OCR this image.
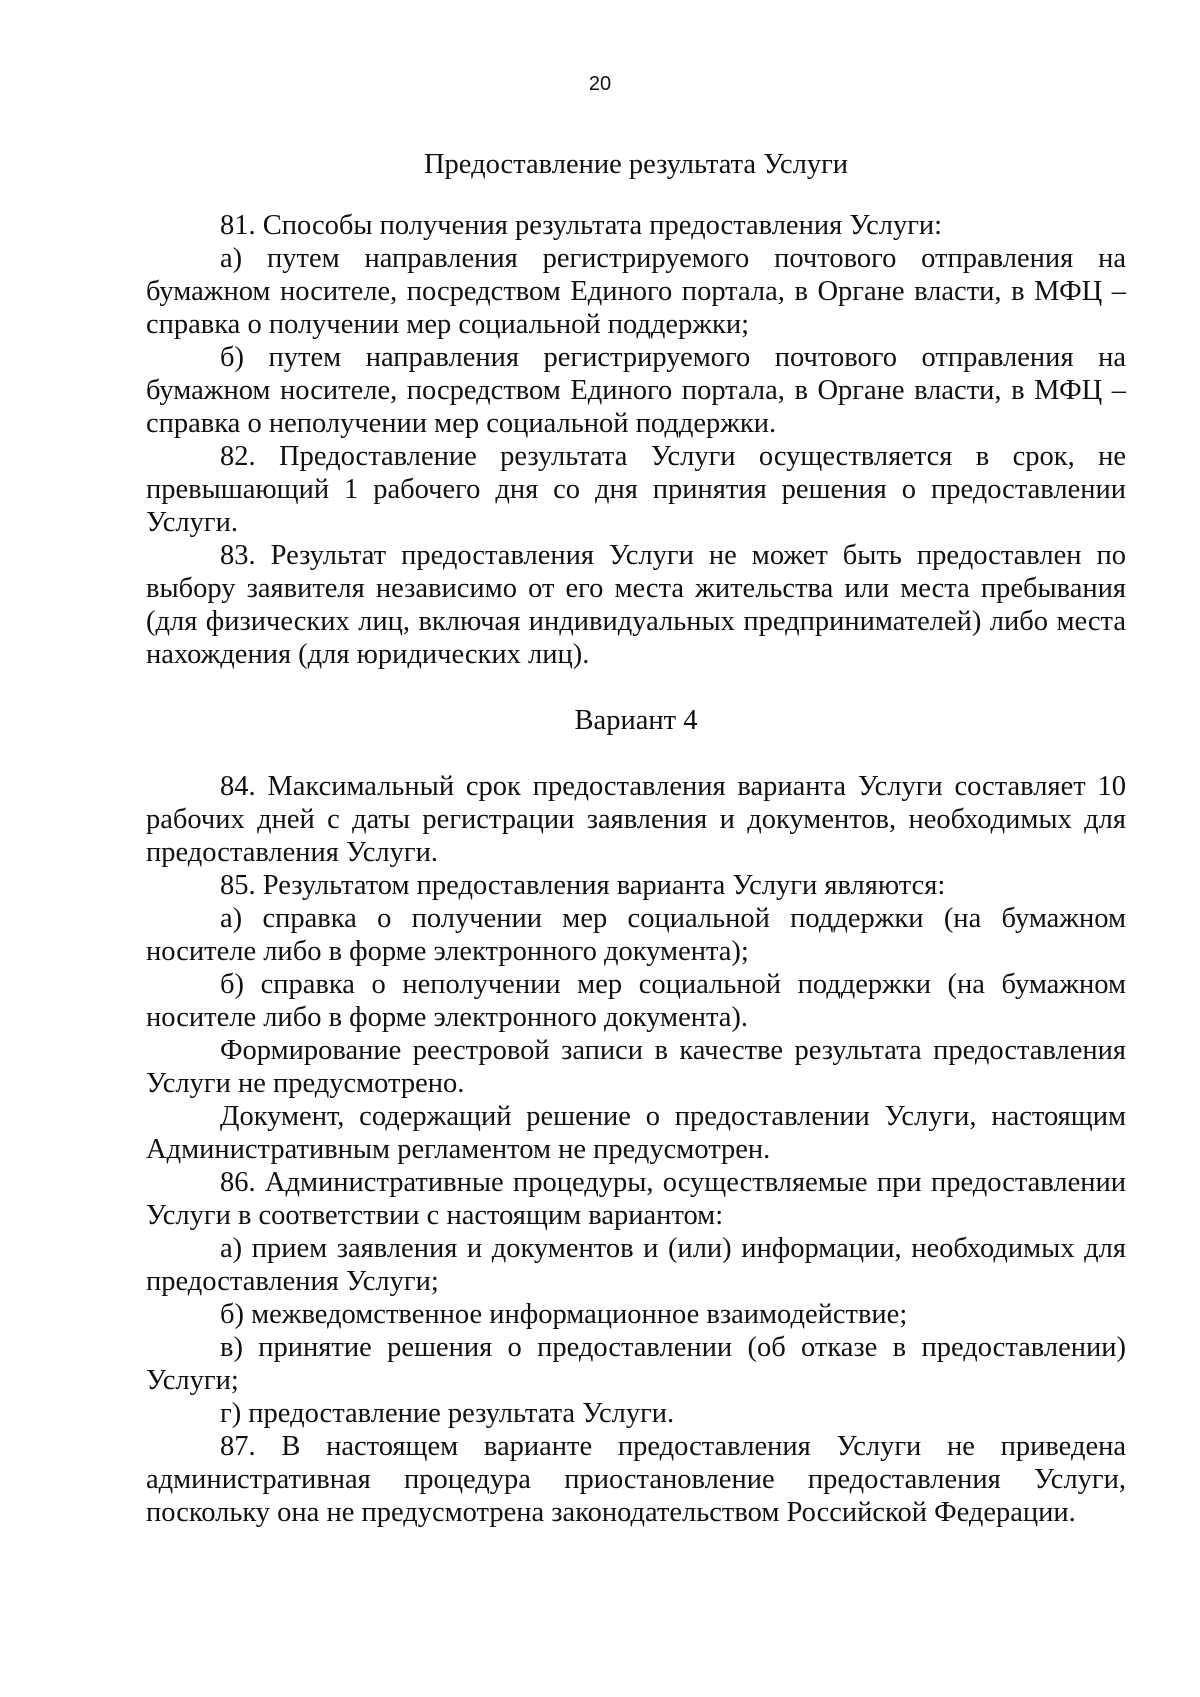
20
Предоставление результата Услуги

81. Способы получения результата предоставления Услуги:

а) путем направления регистрируемого почтового отправления на бумажном носителе, посредством Единого портала, в Органе власти, в МФЦ – справка о получении мер социальной поддержки;

б) путем направления регистрируемого почтового отправления на бумажном носителе, посредством Единого портала, в Органе власти, в МФЦ – справка о неполучении мер социальной поддержки.

82. Предоставление результата Услуги осуществляется в срок, не превышающий 1 рабочего дня со дня принятия решения о предоставлении Услуги.

83. Результат предоставления Услуги не может быть предоставлен по выбору заявителя независимо от его места жительства или места пребывания (для физических лиц, включая индивидуальных предпринимателей) либо места нахождения (для юридических лиц).

Вариант 4

84. Максимальный срок предоставления варианта Услуги составляет 10 рабочих дней с даты регистрации заявления и документов, необходимых для предоставления Услуги.

85. Результатом предоставления варианта Услуги являются:

а) справка о получении мер социальной поддержки (на бумажном носителе либо в форме электронного документа);

б) справка о неполучении мер социальной поддержки (на бумажном носителе либо в форме электронного документа).

Формирование реестровой записи в качестве результата предоставления Услуги не предусмотрено.

Документ, содержащий решение о предоставлении Услуги, настоящим Административным регламентом не предусмотрен.

86. Административные процедуры, осуществляемые при предоставлении Услуги в соответствии с настоящим вариантом:

а) прием заявления и документов и (или) информации, необходимых для предоставления Услуги;

б) межведомственное информационное взаимодействие;

в) принятие решения о предоставлении (об отказе в предоставлении) Услуги;

г) предоставление результата Услуги.

87. В настоящем варианте предоставления Услуги не приведена административная процедура приостановление предоставления Услуги, поскольку она не предусмотрена законодательством Российской Федерации.
